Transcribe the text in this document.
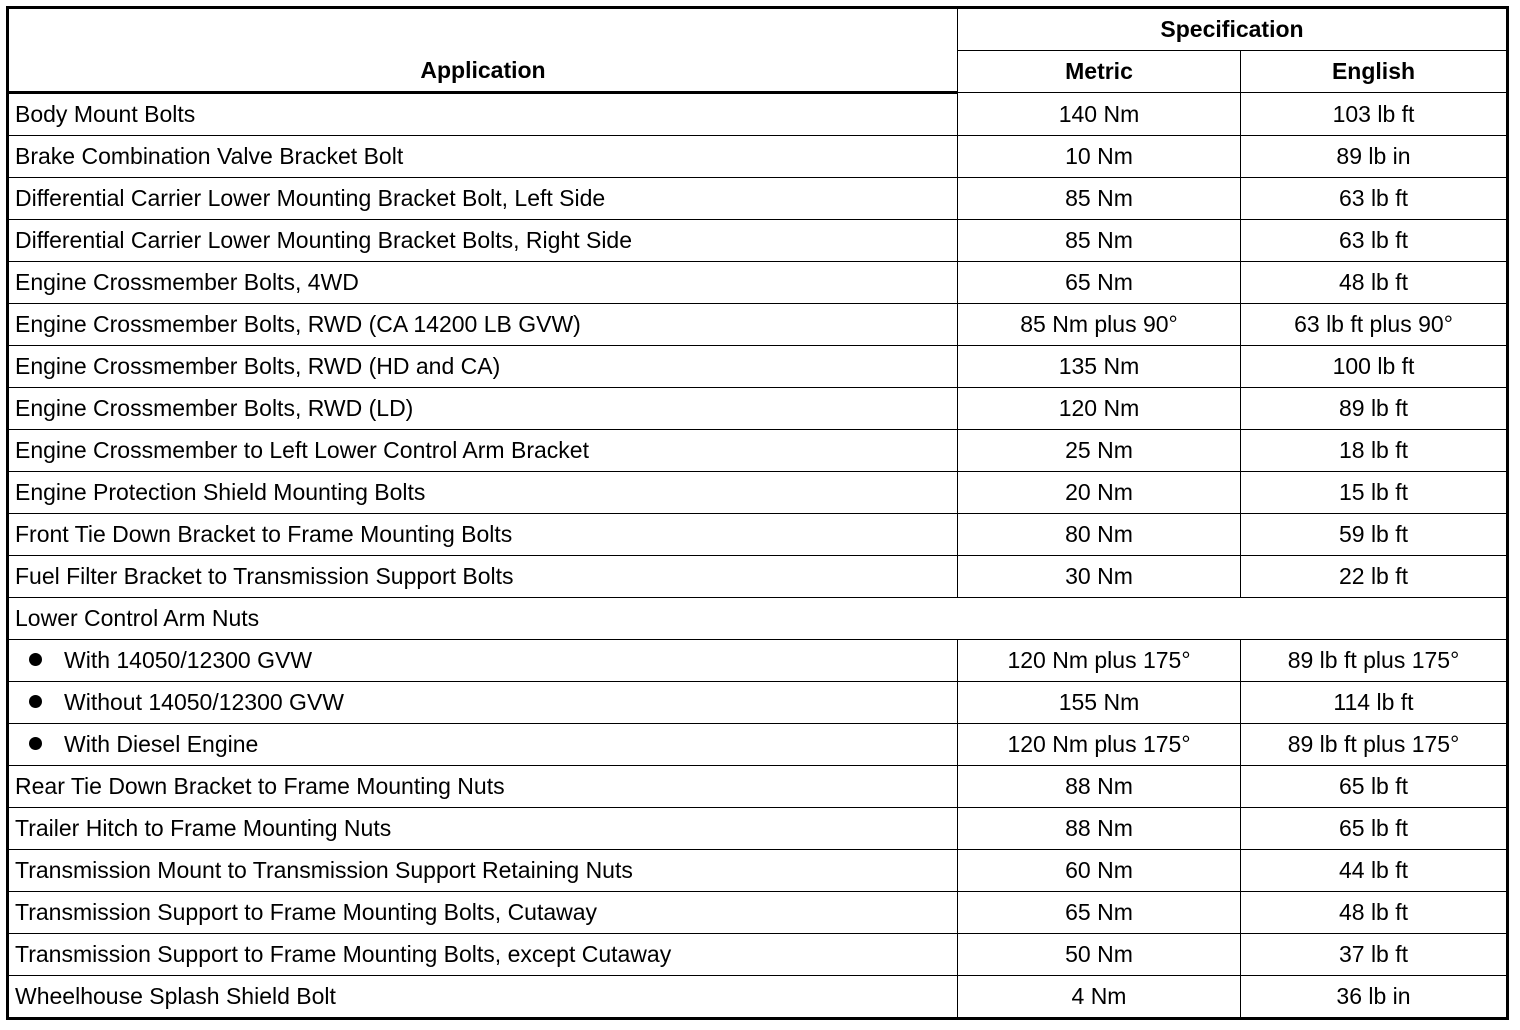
Application	Specification	
	Metric	English
Body Mount Bolts	140 Nm	103 lb ft
Brake Combination Valve Bracket Bolt	10 Nm	89 lb in
Differential Carrier Lower Mounting Bracket Bolt, Left Side	85 Nm	63 lb ft
Differential Carrier Lower Mounting Bracket Bolts, Right Side	85 Nm	63 lb ft
Engine Crossmember Bolts, 4WD	65 Nm	48 lb ft
Engine Crossmember Bolts, RWD (CA 14200 LB GVW)	85 Nm plus 90°	63 lb ft plus 90°
Engine Crossmember Bolts, RWD (HD and CA)	135 Nm	100 lb ft
Engine Crossmember Bolts, RWD (LD)	120 Nm	89 lb ft
Engine Crossmember to Left Lower Control Arm Bracket	25 Nm	18 lb ft
Engine Protection Shield Mounting Bolts	20 Nm	15 lb ft
Front Tie Down Bracket to Frame Mounting Bolts	80 Nm	59 lb ft
Fuel Filter Bracket to Transmission Support Bolts	30 Nm	22 lb ft
Lower Control Arm Nuts		
With 14050/12300 GVW	120 Nm plus 175°	89 lb ft plus 175°
Without 14050/12300 GVW	155 Nm	114 lb ft
With Diesel Engine	120 Nm plus 175°	89 lb ft plus 175°
Rear Tie Down Bracket to Frame Mounting Nuts	88 Nm	65 lb ft
Trailer Hitch to Frame Mounting Nuts	88 Nm	65 lb ft
Transmission Mount to Transmission Support Retaining Nuts	60 Nm	44 lb ft
Transmission Support to Frame Mounting Bolts, Cutaway	65 Nm	48 lb ft
Transmission Support to Frame Mounting Bolts, except Cutaway	50 Nm	37 lb ft
Wheelhouse Splash Shield Bolt	4 Nm	36 lb in
